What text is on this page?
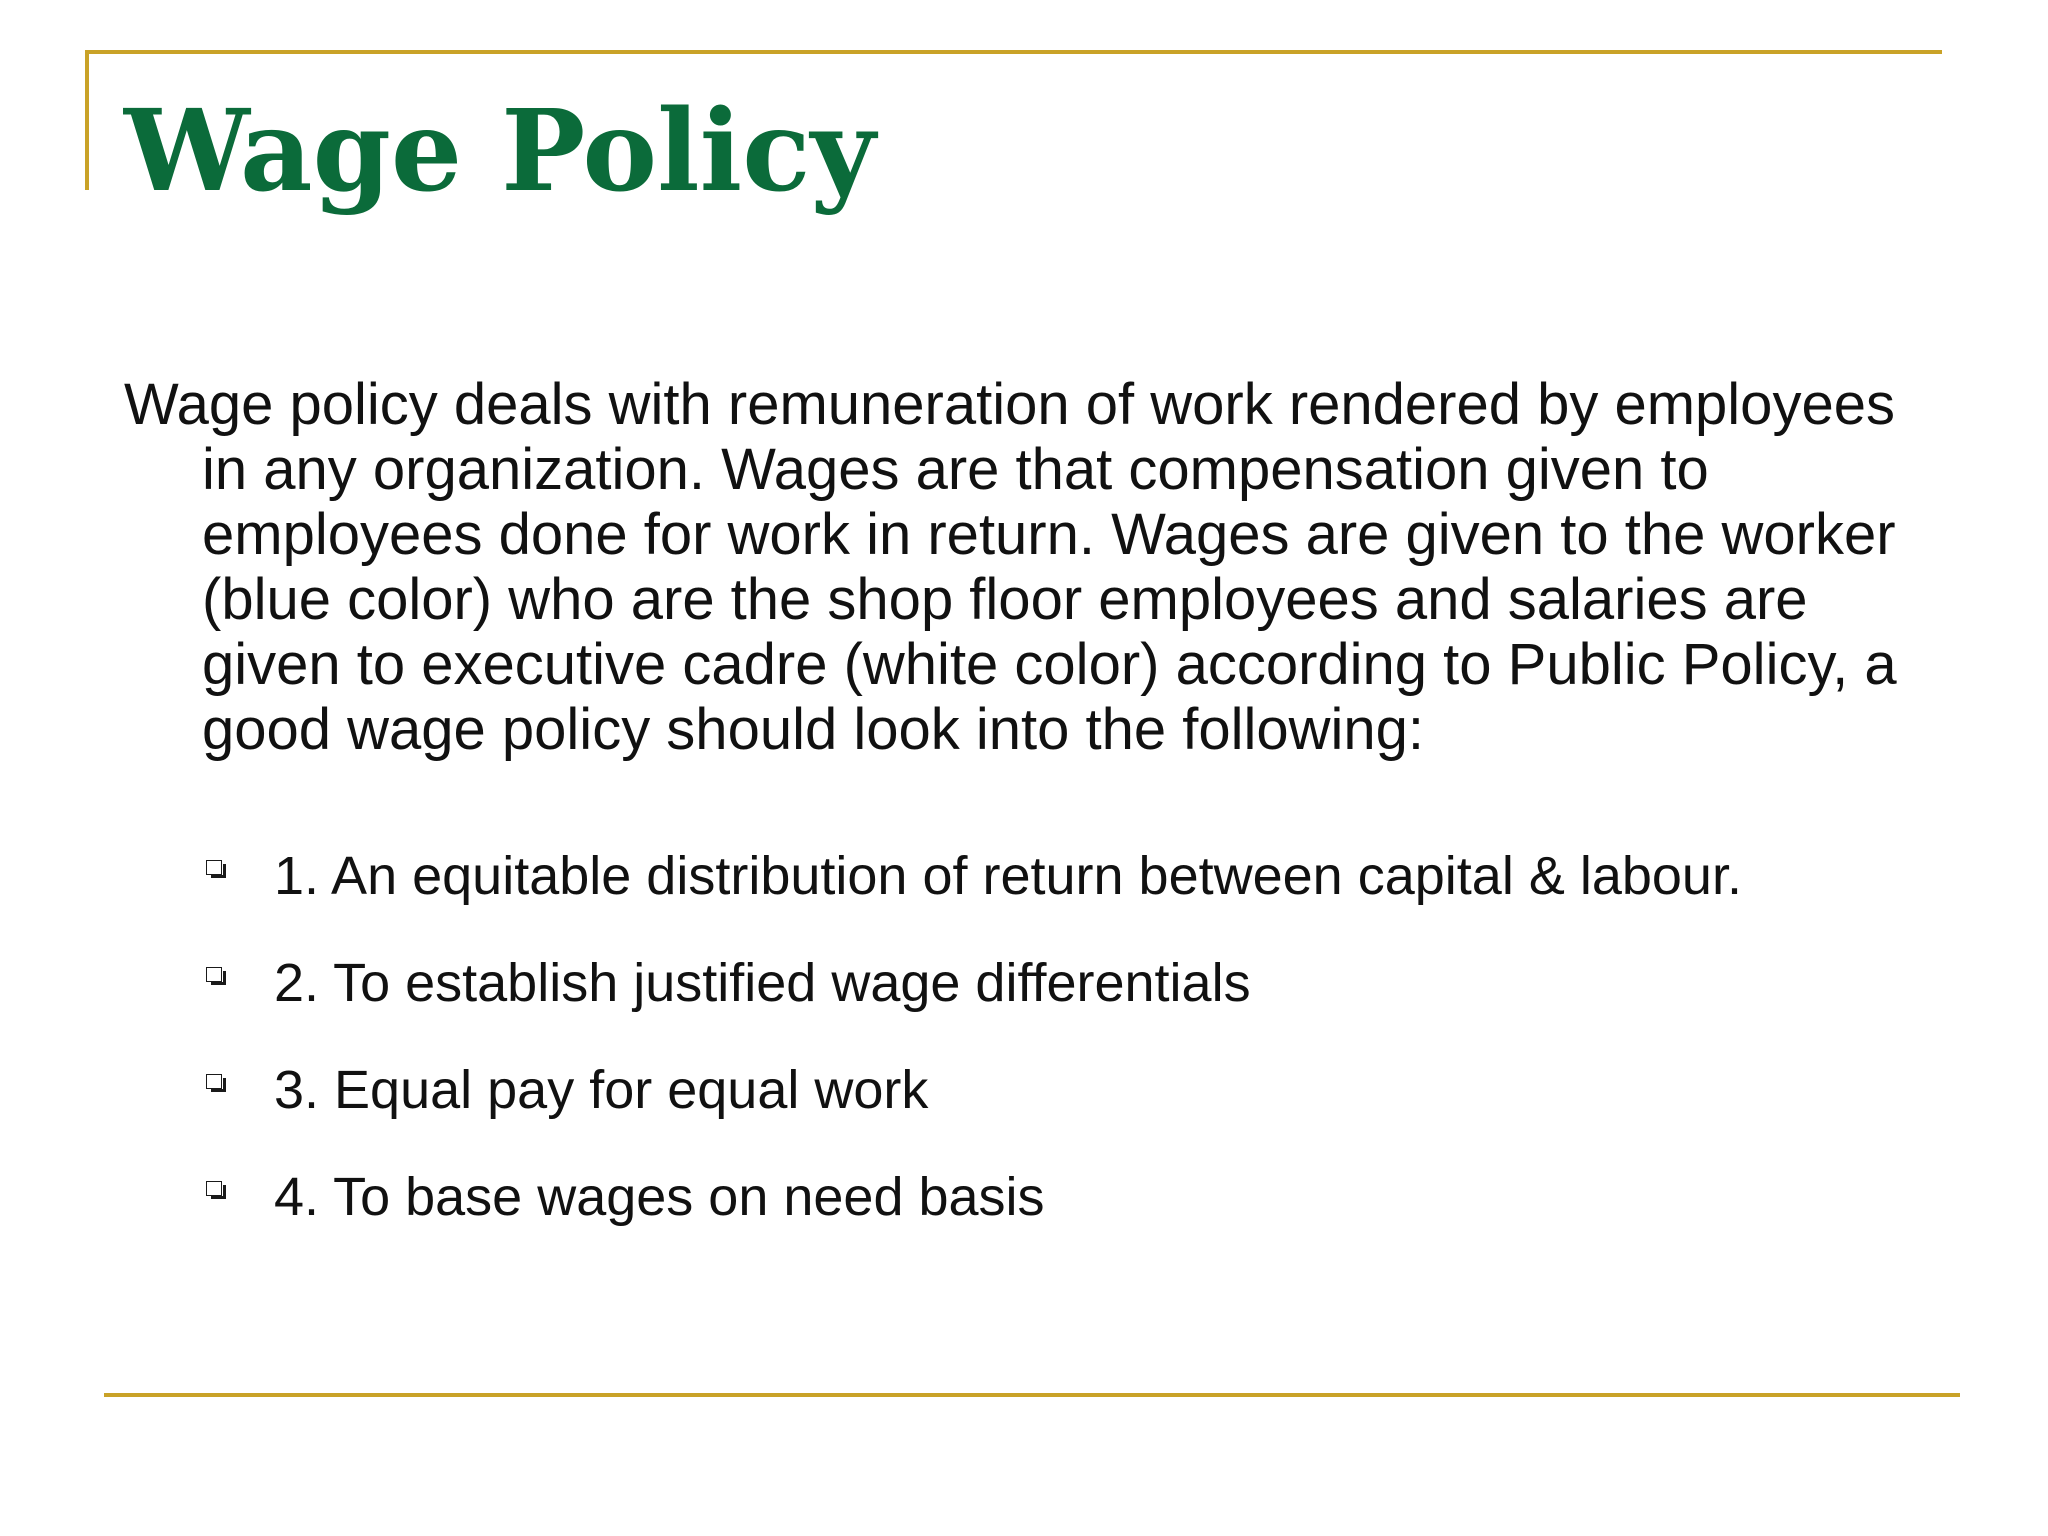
Wage Policy

Wage policy deals with remuneration of work rendered by employees in any organization. Wages are that compensation given to employees done for work in return. Wages are given to the worker (blue color) who are the shop floor employees and salaries are given to executive cadre (white color) according to Public Policy, a good wage policy should look into the following:

1. An equitable distribution of return between capital & labour.
2. To establish justified wage differentials
3. Equal pay for equal work
4. To base wages on need basis
